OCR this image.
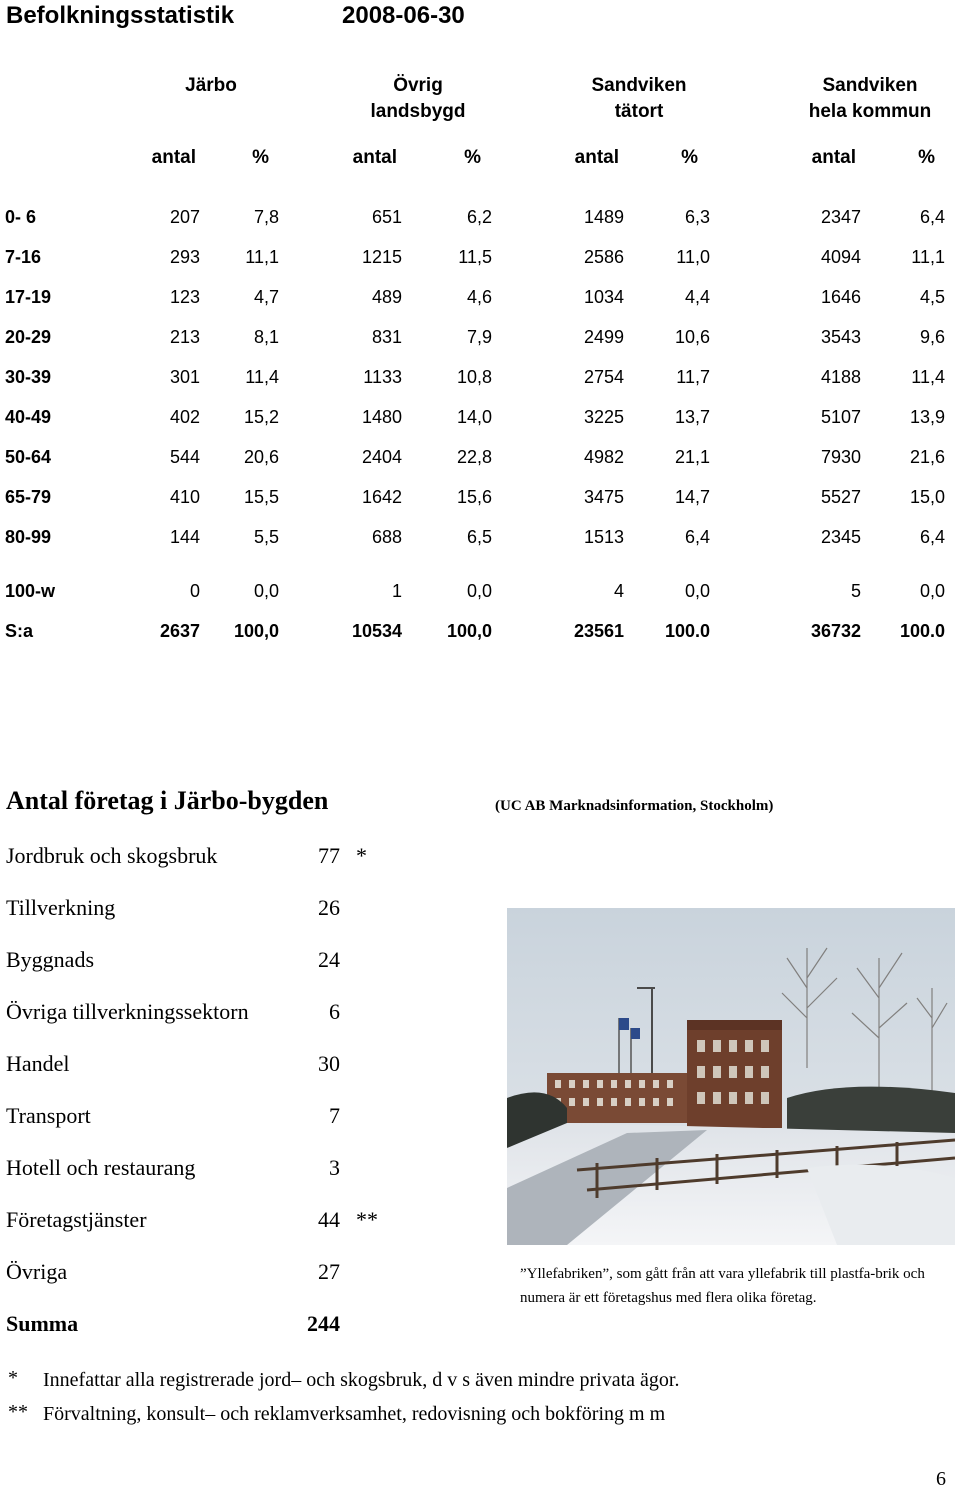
Befolkningsstatistik	2008-06-30
Järbo	Övrig
landsbygd
Sandviken
tätort
Sandviken
hela kommun
antal	%	antal	%	antal	%	antal	%
0- 6	207	7,8	651	6,2	1489	6,3	2347	6,4
7-16	293	11,1	1215	11,5	2586	11,0	4094	11,1
17-19	123	4,7	489	4,6	1034	4,4	1646	4,5
20-29	213	8,1	831	7,9	2499	10,6	3543	9,6
30-39	301	11,4	1133	10,8	2754	11,7	4188	11,4
40-49	402	15,2	1480	14,0	3225	13,7	5107	13,9
50-64	544	20,6	2404	22,8	4982	21,1	7930	21,6
65-79	410	15,5	1642	15,6	3475	14,7	5527	15,0
80-99	144	5,5	688	6,5	1513	6,4	2345	6,4
100-w	0	0,0	1	0,0	4	0,0	5	0,0
S:a	2637	100,0	10534	100,0	23561	100.0	36732	100.0
Antal företag i Järbo-bygden	(UC AB Marknadsinformation, Stockholm)
Jordbruk och skogsbruk	77 *
Tillverkning	26
Byggnads	24
Övriga tillverkningssektorn	6
Handel	30
Transport	7
Hotell och restaurang	3
Företagstjänster	44 **
Övriga	27
Summa	244
”Yllefabriken”, som gått från att vara yllefabrik till plastfa-brik och numera är ett företagshus med flera olika företag.
* Innefattar alla registrerade jord– och skogsbruk, d v s även mindre privata ägor.
** Förvaltning, konsult– och reklamverksamhet, redovisning och bokföring m m
6
